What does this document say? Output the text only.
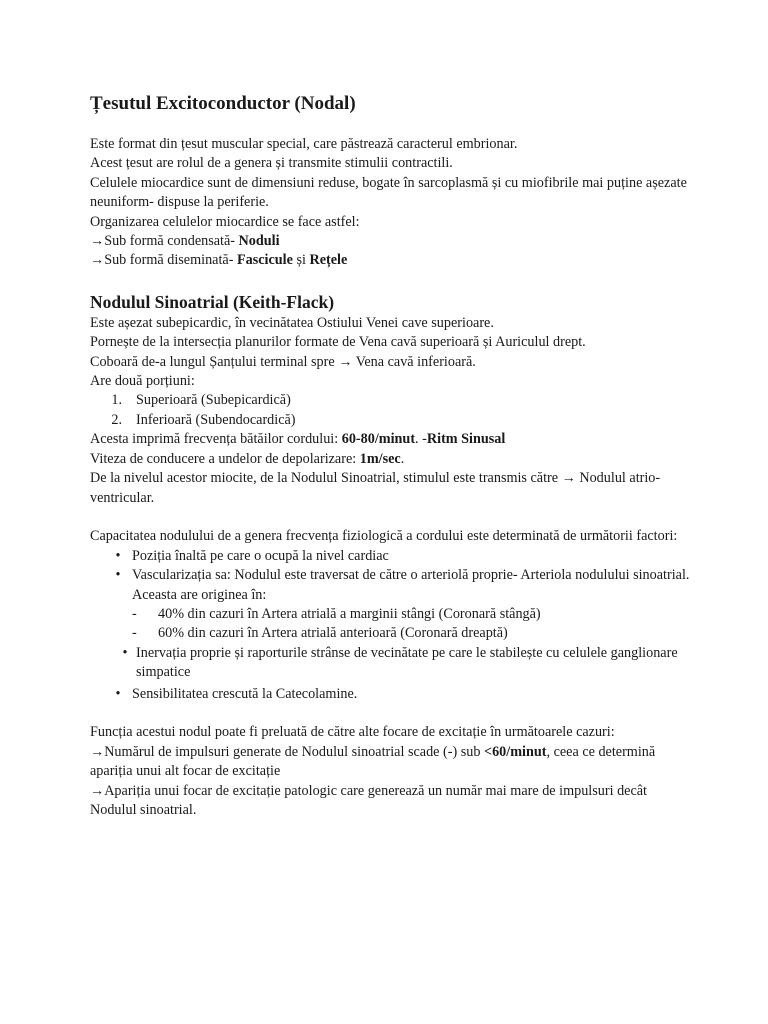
Țesutul Excitoconductor (Nodal)

Este format din țesut muscular special, care păstrează caracterul embrionar.

Acest țesut are rolul de a genera și transmite stimulii contractili.

Celulele miocardice sunt de dimensiuni reduse, bogate în sarcoplasmă și cu miofibrile mai puține așezate neuniform- dispuse la periferie.

Organizarea celulelor miocardice se face astfel:

→Sub formă condensată- Noduli

→Sub formă diseminată- Fascicule și Rețele

Nodulul Sinoatrial (Keith-Flack)

Este așezat subepicardic, în vecinătatea Ostiului Venei cave superioare.

Pornește de la intersecția planurilor formate de Vena cavă superioară și Auriculul drept.

Coboară de-a lungul Șanțului terminal spre → Vena cavă inferioară.

Are două porțiuni:

1. Superioară (Subepicardică)
2. Inferioară (Subendocardică)

Acesta imprimă frecvența bătăilor cordului: 60-80/minut. -Ritm Sinusal

Viteza de conducere a undelor de depolarizare: 1m/sec.

De la nivelul acestor miocite, de la Nodulul Sinoatrial, stimulul este transmis către → Nodulul atrio-ventricular.

Capacitatea nodulului de a genera frecvența fiziologică a cordului este determinată de următorii factori:

• Poziția înaltă pe care o ocupă la nivel cardiac
• Vascularizația sa: Nodulul este traversat de către o arteriolă proprie- Arteriola nodulului sinoatrial. Aceasta are originea în:
-	40% din cazuri în Artera atrială a marginii stângi (Coronară stângă)
-	60% din cazuri în Artera atrială anterioară (Coronară dreaptă)
• Inervația proprie și raporturile strânse de vecinătate pe care le stabilește cu celulele ganglionare simpatice
• Sensibilitatea crescută la Catecolamine.

Funcția acestui nodul poate fi preluată de către alte focare de excitație în următoarele cazuri:

→Numărul de impulsuri generate de Nodulul sinoatrial scade (-) sub <60/minut, ceea ce determină apariția unui alt focar de excitație

→Apariția unui focar de excitație patologic care generează un număr mai mare de impulsuri decât Nodulul sinoatrial.
